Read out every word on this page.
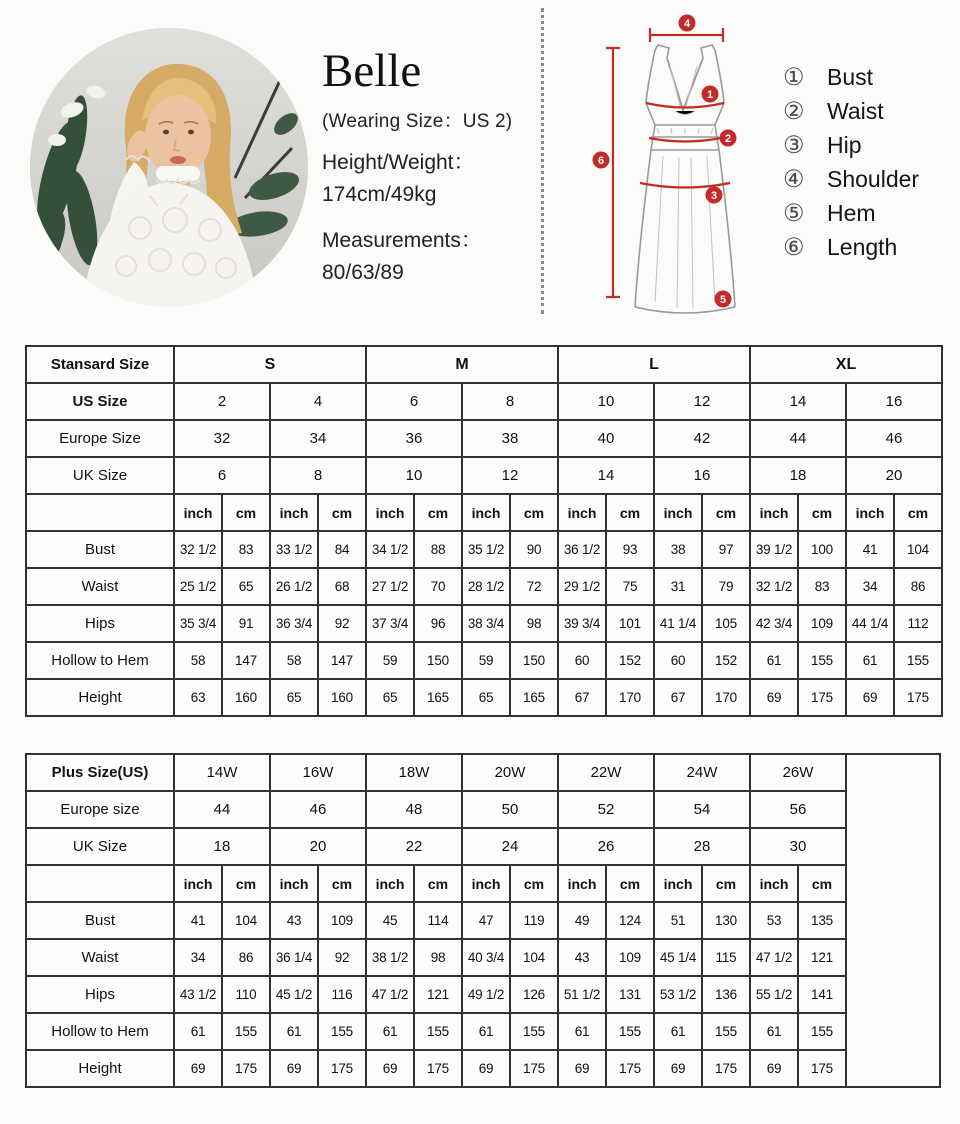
Belle
(Wearing Size：US 2)
Height/Weight：
174cm/49kg
Measurements：
80/63/89
4
6
1
2
3
5
① Bust
② Waist
③ Hip
④ Shoulder
⑤ Hem
⑥ Length
Stansard Size	S				M				L				XL			
US Size	2		4		6		8		10		12		14		16	
Europe Size	32		34		36		38		40		42		44		46	
UK Size	6		8		10		12		14		16		18		20	
	inch	cm	inch	cm	inch	cm	inch	cm	inch	cm	inch	cm	inch	cm	inch	cm
Bust	32 1/2	83	33 1/2	84	34 1/2	88	35 1/2	90	36 1/2	93	38	97	39 1/2	100	41	104
Waist	25 1/2	65	26 1/2	68	27 1/2	70	28 1/2	72	29 1/2	75	31	79	32 1/2	83	34	86
Hips	35 3/4	91	36 3/4	92	37 3/4	96	38 3/4	98	39 3/4	101	41 1/4	105	42 3/4	109	44 1/4	112
Hollow to Hem	58	147	58	147	59	150	59	150	60	152	60	152	61	155	61	155
Height	63	160	65	160	65	165	65	165	67	170	67	170	69	175	69	175
Plus Size(US)	14W		16W		18W		20W		22W		24W		26W		
Europe size	44		46		48		50		52		54		56		
UK Size	18		20		22		24		26		28		30		
	inch	cm	inch	cm	inch	cm	inch	cm	inch	cm	inch	cm	inch	cm	
Bust	41	104	43	109	45	114	47	119	49	124	51	130	53	135	
Waist	34	86	36 1/4	92	38 1/2	98	40 3/4	104	43	109	45 1/4	115	47 1/2	121	
Hips	43 1/2	110	45 1/2	116	47 1/2	121	49 1/2	126	51 1/2	131	53 1/2	136	55 1/2	141	
Hollow to Hem	61	155	61	155	61	155	61	155	61	155	61	155	61	155	
Height	69	175	69	175	69	175	69	175	69	175	69	175	69	175	
